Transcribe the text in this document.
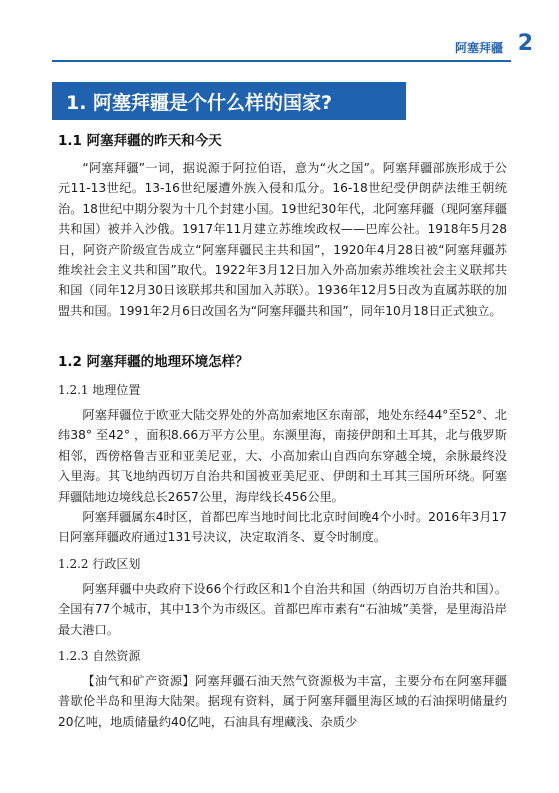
阿塞拜疆 2
1. 阿塞拜疆是个什么样的国家?
1.1 阿塞拜疆的昨天和今天

“阿塞拜疆”一词，据说源于阿拉伯语，意为“火之国”。阿塞拜疆部族形成于公元11-13世纪。13-16世纪屡遭外族入侵和瓜分。16-18世纪受伊朗萨法维王朝统治。18世纪中期分裂为十几个封建小国。19世纪30年代，北阿塞拜疆（现阿塞拜疆共和国）被并入沙俄。1917年11月建立苏维埃政权——巴库公社。1918年5月28日，阿资产阶级宣告成立“阿塞拜疆民主共和国”，1920年4月28日被“阿塞拜疆苏维埃社会主义共和国”取代。1922年3月12日加入外高加索苏维埃社会主义联邦共和国（同年12月30日该联邦共和国加入苏联）。1936年12月5日改为直属苏联的加盟共和国。1991年2月6日改国名为“阿塞拜疆共和国”，同年10月18日正式独立。

1.2 阿塞拜疆的地理环境怎样？
1.2.1 地理位置

阿塞拜疆位于欧亚大陆交界处的外高加索地区东南部，地处东经44°至52°、北纬38° 至42° ，面积8.66万平方公里。东濒里海，南接伊朗和土耳其，北与俄罗斯相邻，西傍格鲁吉亚和亚美尼亚，大、小高加索山自西向东穿越全境，余脉最终没入里海。其飞地纳西切万自治共和国被亚美尼亚、伊朗和土耳其三国所环绕。阿塞拜疆陆地边境线总长2657公里，海岸线长456公里。

阿塞拜疆属东4时区，首都巴库当地时间比北京时间晚4个小时。2016年3月17日阿塞拜疆政府通过131号决议，决定取消冬、夏令时制度。

1.2.2 行政区划

阿塞拜疆中央政府下设66个行政区和1个自治共和国（纳西切万自治共和国）。全国有77个城市，其中13个为市级区。首都巴库市素有“石油城”美誉，是里海沿岸最大港口。

1.2.3 自然资源

【油气和矿产资源】阿塞拜疆石油天然气资源极为丰富，主要分布在阿塞拜疆普歇伦半岛和里海大陆架。据现有资料，属于阿塞拜疆里海区域的石油探明储量约20亿吨，地质储量约40亿吨，石油具有埋藏浅、杂质少
